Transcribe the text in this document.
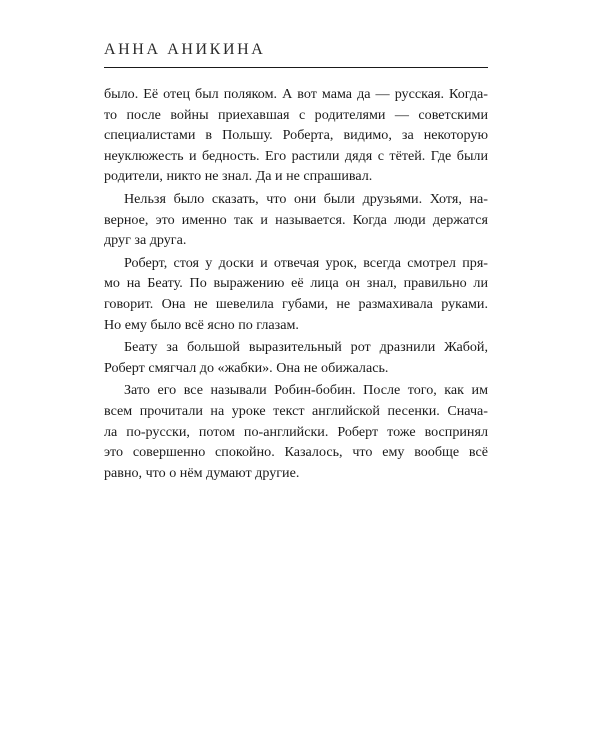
АННА АНИКИНА

было. Её отец был поляком. А вот мама да — русская. Когда-
то после войны приехавшая с родителями — советскими
специалистами в Польшу. Роберта, видимо, за некоторую
неуклюжесть и бедность. Его растили дядя с тётей. Где были
родители, никто не знал. Да и не спрашивал.

Нельзя было сказать, что они были друзьями. Хотя, на-
верное, это именно так и называется. Когда люди держатся
друг за друга.

Роберт, стоя у доски и отвечая урок, всегда смотрел пря-
мо на Беату. По выражению её лица он знал, правильно ли
говорит. Она не шевелила губами, не размахивала руками.
Но ему было всё ясно по глазам.

Беату за большой выразительный рот дразнили Жабой,
Роберт смягчал до «жабки». Она не обижалась.

Зато его все называли Робин-бобин. После того, как им
всем прочитали на уроке текст английской песенки. Снача-
ла по-русски, потом по-английски. Роберт тоже воспринял
это совершенно спокойно. Казалось, что ему вообще всё
равно, что о нём думают другие.
